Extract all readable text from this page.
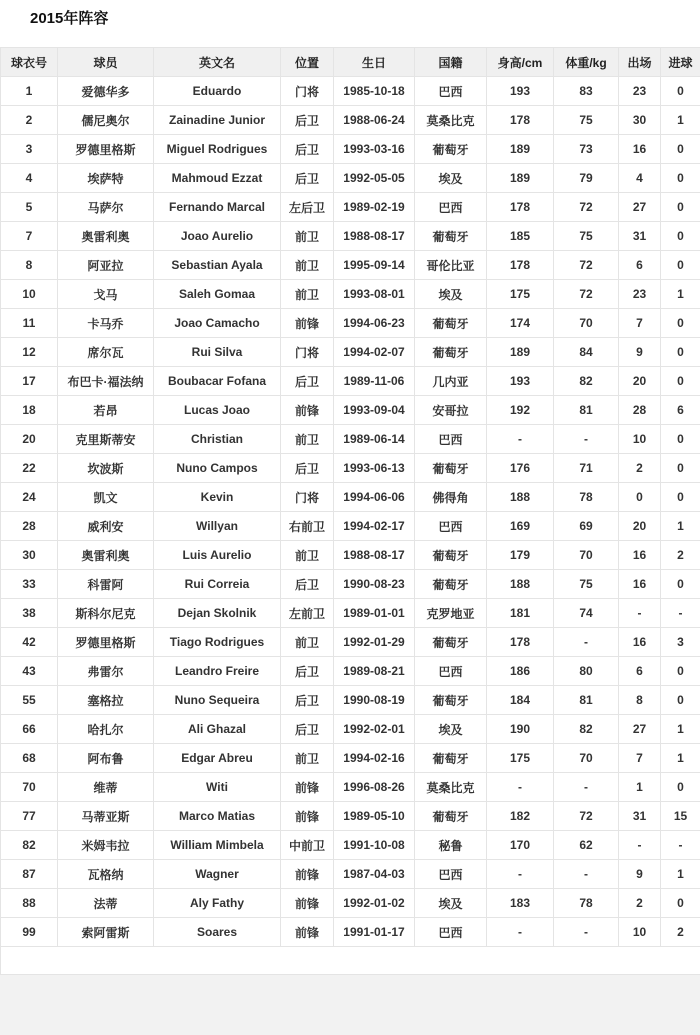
2015年阵容
球衣号	球员	英文名	位置	生日	国籍	身高/cm	体重/kg	出场	进球
1	爱德华多	Eduardo	门将	1985-10-18	巴西	193	83	23	0
2	儒尼奥尔	Zainadine Junior	后卫	1988-06-24	莫桑比克	178	75	30	1
3	罗德里格斯	Miguel Rodrigues	后卫	1993-03-16	葡萄牙	189	73	16	0
4	埃萨特	Mahmoud Ezzat	后卫	1992-05-05	埃及	189	79	4	0
5	马萨尔	Fernando Marcal	左后卫	1989-02-19	巴西	178	72	27	0
7	奥雷利奥	Joao Aurelio	前卫	1988-08-17	葡萄牙	185	75	31	0
8	阿亚拉	Sebastian Ayala	前卫	1995-09-14	哥伦比亚	178	72	6	0
10	戈马	Saleh Gomaa	前卫	1993-08-01	埃及	175	72	23	1
11	卡马乔	Joao Camacho	前锋	1994-06-23	葡萄牙	174	70	7	0
12	席尔瓦	Rui Silva	门将	1994-02-07	葡萄牙	189	84	9	0
17	布巴卡·福法纳	Boubacar Fofana	后卫	1989-11-06	几内亚	193	82	20	0
18	若昂	Lucas Joao	前锋	1993-09-04	安哥拉	192	81	28	6
20	克里斯蒂安	Christian	前卫	1989-06-14	巴西	-	-	10	0
22	坎波斯	Nuno Campos	后卫	1993-06-13	葡萄牙	176	71	2	0
24	凯文	Kevin	门将	1994-06-06	佛得角	188	78	0	0
28	威利安	Willyan	右前卫	1994-02-17	巴西	169	69	20	1
30	奥雷利奥	Luis Aurelio	前卫	1988-08-17	葡萄牙	179	70	16	2
33	科雷阿	Rui Correia	后卫	1990-08-23	葡萄牙	188	75	16	0
38	斯科尔尼克	Dejan Skolnik	左前卫	1989-01-01	克罗地亚	181	74	-	-
42	罗德里格斯	Tiago Rodrigues	前卫	1992-01-29	葡萄牙	178	-	16	3
43	弗雷尔	Leandro Freire	后卫	1989-08-21	巴西	186	80	6	0
55	塞格拉	Nuno Sequeira	后卫	1990-08-19	葡萄牙	184	81	8	0
66	哈扎尔	Ali Ghazal	后卫	1992-02-01	埃及	190	82	27	1
68	阿布鲁	Edgar Abreu	前卫	1994-02-16	葡萄牙	175	70	7	1
70	维蒂	Witi	前锋	1996-08-26	莫桑比克	-	-	1	0
77	马蒂亚斯	Marco Matias	前锋	1989-05-10	葡萄牙	182	72	31	15
82	米姆韦拉	William Mimbela	中前卫	1991-10-08	秘鲁	170	62	-	-
87	瓦格纳	Wagner	前锋	1987-04-03	巴西	-	-	9	1
88	法蒂	Aly Fathy	前锋	1992-01-02	埃及	183	78	2	0
99	索阿雷斯	Soares	前锋	1991-01-17	巴西	-	-	10	2
